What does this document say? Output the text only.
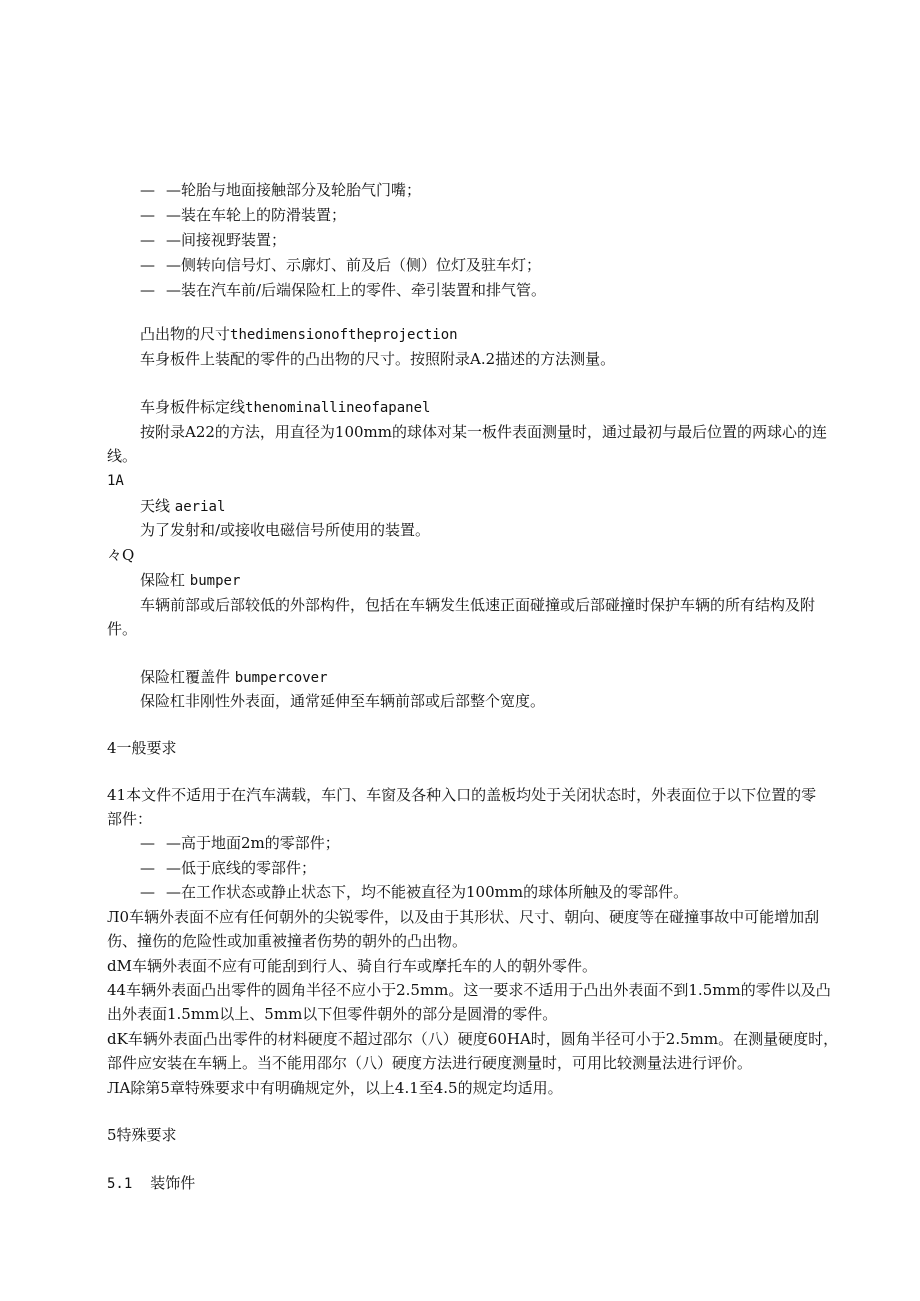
— —轮胎与地面接触部分及轮胎气门嘴；
— —装在车轮上的防滑装置；
— —间接视野装置；
— —侧转向信号灯、示廓灯、前及后（侧）位灯及驻车灯；
— —装在汽车前/后端保险杠上的零件、牵引装置和排气管。
凸出物的尺寸thedimensionoftheprojection
车身板件上装配的零件的凸出物的尺寸。按照附录A.2描述的方法测量。
车身板件标定线thenominallineofapanel
按附录A22的方法，用直径为100mm的球体对某一板件表面测量时，通过最初与最后位置的两球心的连
线。
1A
天线 aerial
为了发射和/或接收电磁信号所使用的装置。
々Q
保险杠 bumper
车辆前部或后部较低的外部构件，包括在车辆发生低速正面碰撞或后部碰撞时保护车辆的所有结构及附
件。
保险杠覆盖件 bumpercover
保险杠非刚性外表面，通常延伸至车辆前部或后部整个宽度。
4一般要求
41本文件不适用于在汽车满载，车门、车窗及各种入口的盖板均处于关闭状态时，外表面位于以下位置的零
部件：
— —高于地面2m的零部件；
— —低于底线的零部件；
— —在工作状态或静止状态下，均不能被直径为100mm的球体所触及的零部件。
Л0车辆外表面不应有任何朝外的尖锐零件，以及由于其形状、尺寸、朝向、硬度等在碰撞事故中可能增加刮
伤、撞伤的危险性或加重被撞者伤势的朝外的凸出物。
dM车辆外表面不应有可能刮到行人、骑自行车或摩托车的人的朝外零件。
44车辆外表面凸出零件的圆角半径不应小于2.5mm。这一要求不适用于凸出外表面不到1.5mm的零件以及凸
出外表面1.5mm以上、5mm以下但零件朝外的部分是圆滑的零件。
dK车辆外表面凸出零件的材料硬度不超过邵尔（八）硬度60HA时，圆角半径可小于2.5mm。在测量硬度时，
部件应安装在车辆上。当不能用邵尔（八）硬度方法进行硬度测量时，可用比较测量法进行评价。
ЛA除第5章特殊要求中有明确规定外，以上4.1至4.5的规定均适用。
5特殊要求
5.1 装饰件
